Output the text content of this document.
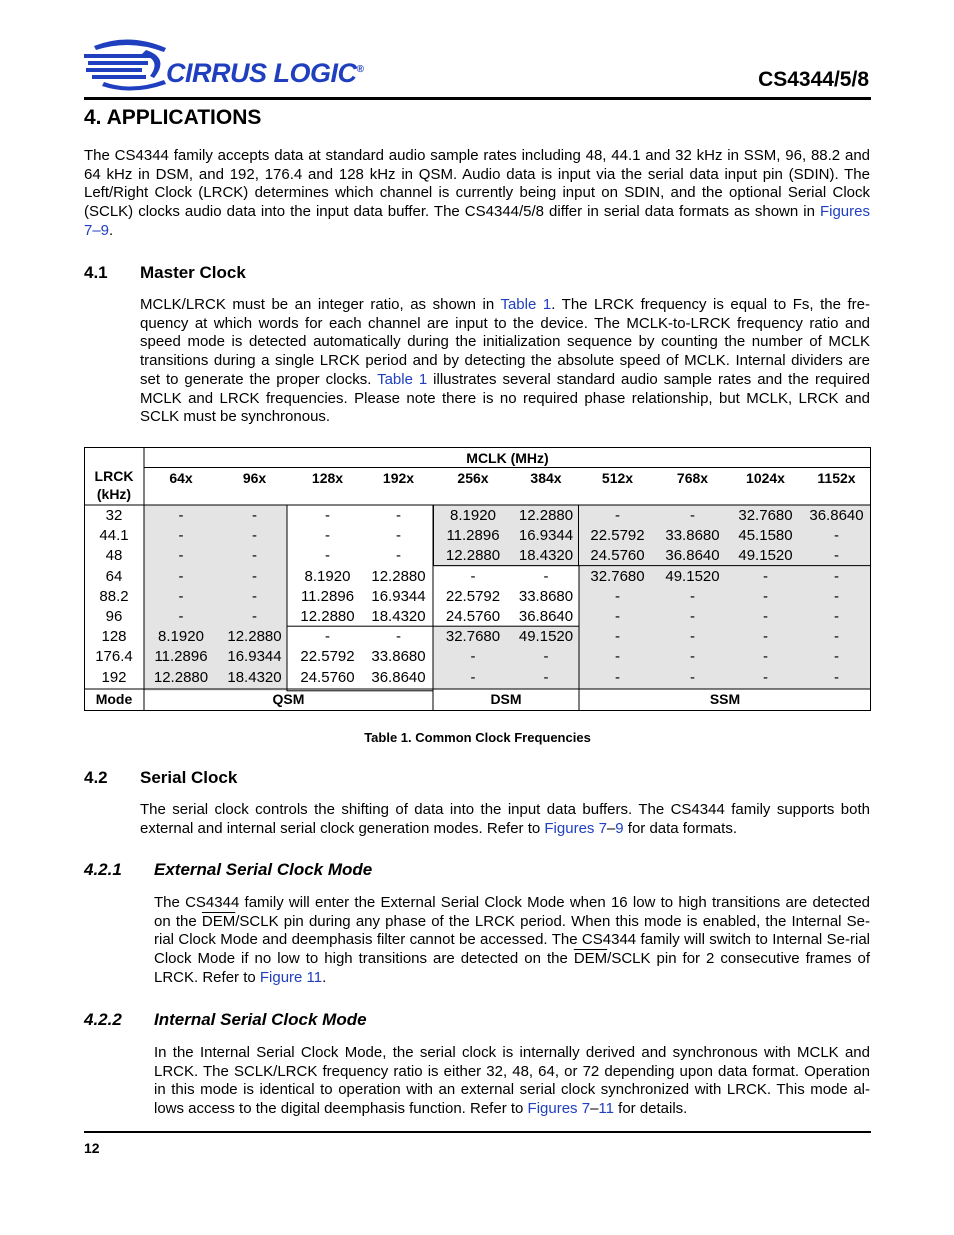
CIRRUS LOGIC®	CS4344/5/8
4. APPLICATIONS
The CS4344 family accepts data at standard audio sample rates including 48, 44.1 and 32 kHz in SSM, 96, 88.2 and 64 kHz in DSM, and 192, 176.4 and 128 kHz in QSM. Audio data is input via the serial data input pin (SDIN). The Left/Right Clock (LRCK) determines which channel is currently being input on SDIN, and the optional Serial Clock (SCLK) clocks audio data into the input data buffer. The CS4344/5/8 differ in serial data formats as shown in Figures 7–9.
4.1 Master Clock
MCLK/LRCK must be an integer ratio, as shown in Table 1. The LRCK frequency is equal to Fs, the fre-quency at which words for each channel are input to the device. The MCLK-to-LRCK frequency ratio and speed mode is detected automatically during the initialization sequence by counting the number of MCLK transitions during a single LRCK period and by detecting the absolute speed of MCLK. Internal dividers are set to generate the proper clocks. Table 1 illustrates several standard audio sample rates and the required MCLK and LRCK frequencies. Please note there is no required phase relationship, but MCLK, LRCK and SCLK must be synchronous.
LRCK
(kHz)
MCLK (MHz)
64x	96x	128x	192x	256x	384x	512x	768x	1024x	1152x
32	-	-	-	-	8.1920	12.2880	-	-	32.7680	36.8640
44.1	-	-	-	-	11.2896	16.9344	22.5792	33.8680	45.1580	-
48	-	-	-	-	12.2880	18.4320	24.5760	36.8640	49.1520	-
64	-	-	8.1920	12.2880	-	-	32.7680	49.1520	-	-
88.2	-	-	11.2896	16.9344	22.5792	33.8680	-	-	-	-
96	-	-	12.2880	18.4320	24.5760	36.8640	-	-	-	-
128	8.1920	12.2880	-	-	32.7680	49.1520	-	-	-	-
176.4	11.2896	16.9344	22.5792	33.8680	-	-	-	-	-	-
192	12.2880	18.4320	24.5760	36.8640	-	-	-	-	-	-
Mode	QSM	DSM	SSM
Table 1. Common Clock Frequencies
4.2 Serial Clock
The serial clock controls the shifting of data into the input data buffers. The CS4344 family supports both external and internal serial clock generation modes. Refer to Figures 7–9 for data formats.
4.2.1 External Serial Clock Mode
The CS4344 family will enter the External Serial Clock Mode when 16 low to high transitions are detected on the $\overline{DEM}$/SCLK pin during any phase of the LRCK period. When this mode is enabled, the Internal Se-rial Clock Mode and deemphasis filter cannot be accessed. The CS4344 family will switch to Internal Se-rial Clock Mode if no low to high transitions are detected on the $\overline{DEM}$/SCLK pin for 2 consecutive frames of LRCK. Refer to Figure 11.
4.2.2 Internal Serial Clock Mode
In the Internal Serial Clock Mode, the serial clock is internally derived and synchronous with MCLK and LRCK. The SCLK/LRCK frequency ratio is either 32, 48, 64, or 72 depending upon data format. Operation in this mode is identical to operation with an external serial clock synchronized with LRCK. This mode al-lows access to the digital deemphasis function. Refer to Figures 7–11 for details.
12
